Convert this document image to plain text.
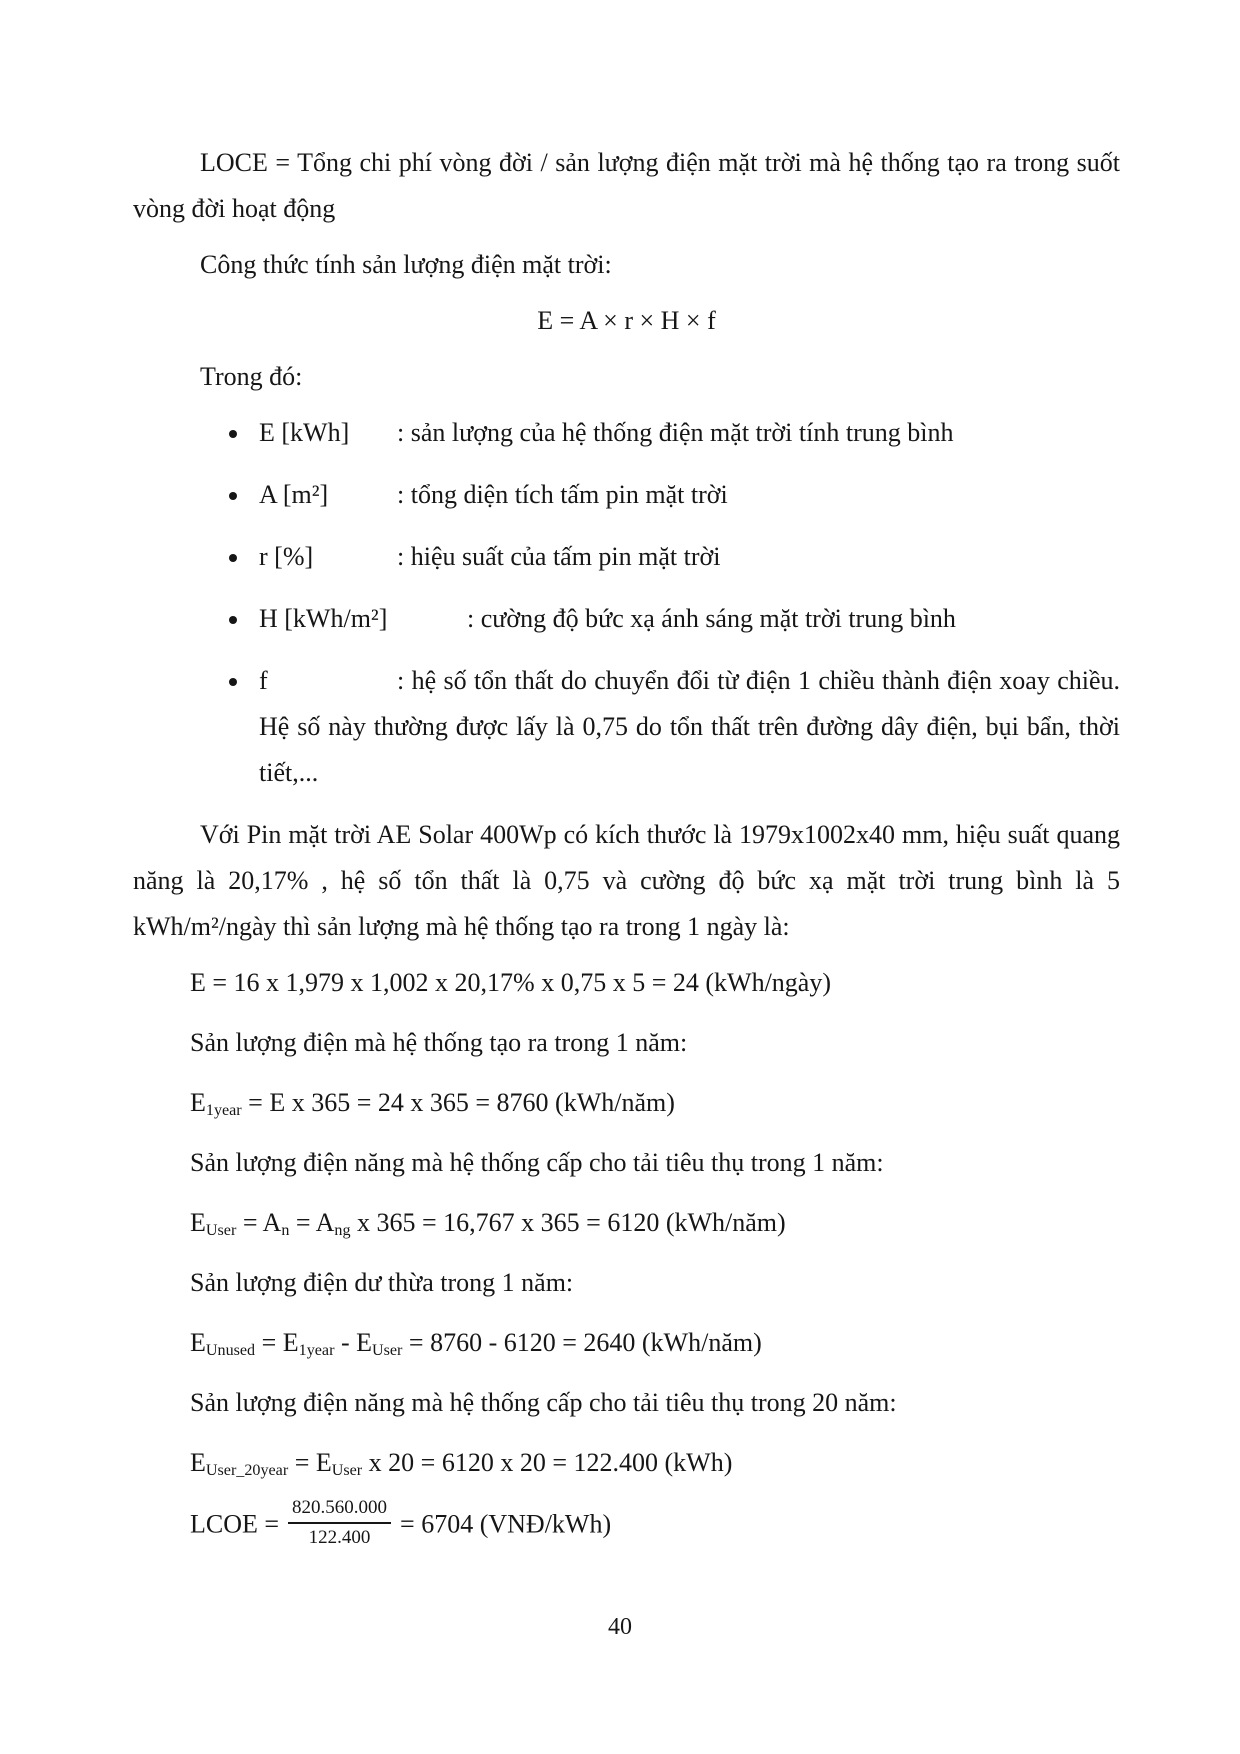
LOCE = Tổng chi phí vòng đời / sản lượng điện mặt trời mà hệ thống tạo ra trong suốt vòng đời hoạt động

Công thức tính sản lượng điện mặt trời:

E = A × r × H × f

Trong đó:

• E [kWh] : sản lượng của hệ thống điện mặt trời tính trung bình
• A [m²]	: tổng diện tích tấm pin mặt trời
• r [%]	: hiệu suất của tấm pin mặt trời
• H [kWh/m²]	: cường độ bức xạ ánh sáng mặt trời trung bình
• f	: hệ số tổn thất do chuyển đổi từ điện 1 chiều thành điện xoay chiều. Hệ số này thường được lấy là 0,75 do tổn thất trên đường dây điện, bụi bẩn, thời tiết,...

Với Pin mặt trời AE Solar 400Wp có kích thước là 1979x1002x40 mm, hiệu suất quang năng là 20,17% , hệ số tổn thất là 0,75 và cường độ bức xạ mặt trời trung bình là 5 kWh/m²/ngày thì sản lượng mà hệ thống tạo ra trong 1 ngày là:

E = 16 x 1,979 x 1,002 x 20,17% x 0,75 x 5 = 24 (kWh/ngày)

Sản lượng điện mà hệ thống tạo ra trong 1 năm:

$E_{1year} = E$ x 365 = 24 x 365 = 8760 (kWh/năm)

Sản lượng điện năng mà hệ thống cấp cho tải tiêu thụ trong 1 năm:

$E_{User} = A_n = A_{ng}$ x 365 = 16,767 x 365 = 6120 (kWh/năm)

Sản lượng điện dư thừa trong 1 năm:

$E_{Unused} = E_{1year} - E_{User} = 8760 - 6120 = 2640$ (kWh/năm)

Sản lượng điện năng mà hệ thống cấp cho tải tiêu thụ trong 20 năm:

$E_{User\_20year} = E_{User}$ x 20 = 6120 x 20 = 122.400 (kWh)

LCOE = $\frac{820.560.000}{122.400} = 6704$ (VNĐ/kWh)

40
